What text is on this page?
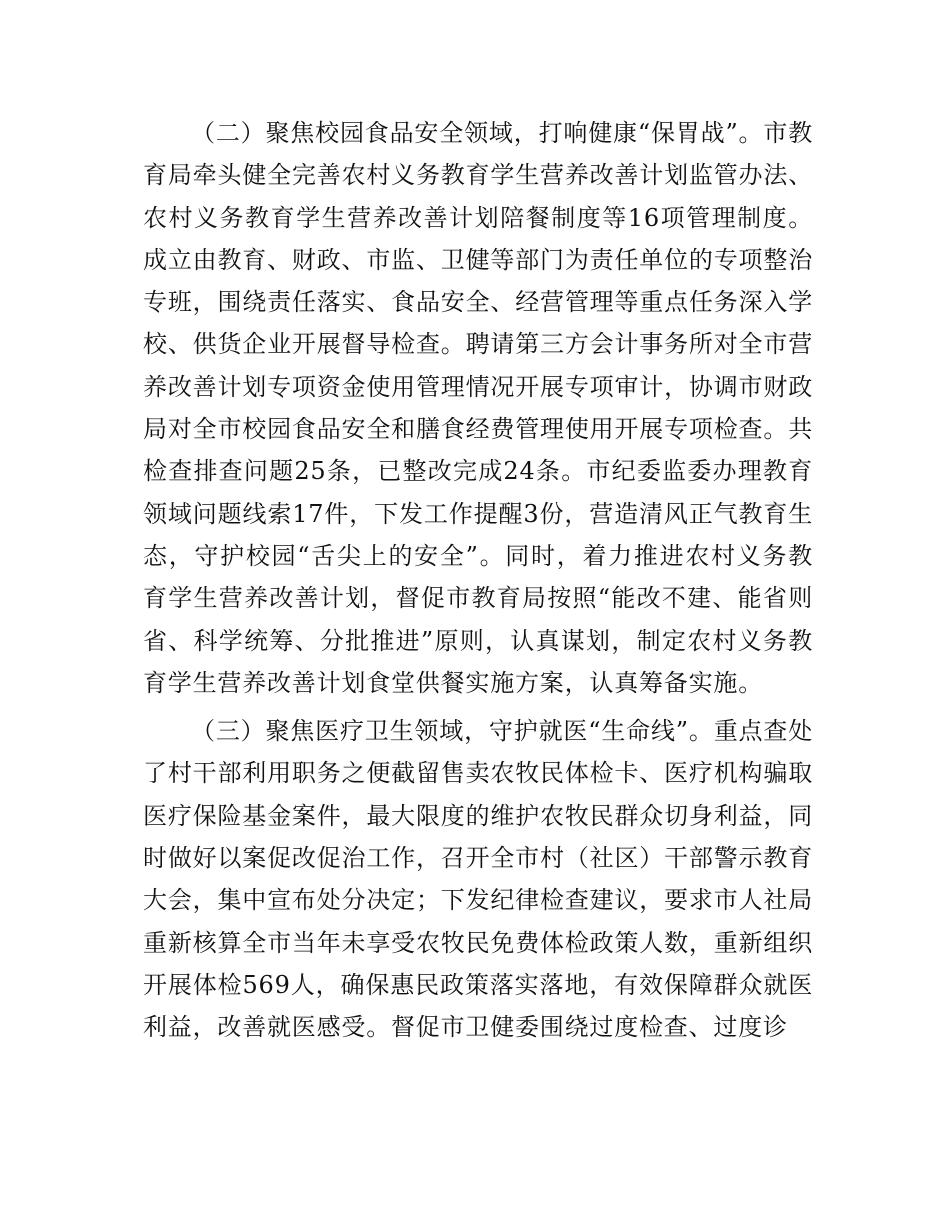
（二）聚焦校园食品安全领域，打响健康“保胃战”。市教育局牵头健全完善农村义务教育学生营养改善计划监管办法、农村义务教育学生营养改善计划陪餐制度等16项管理制度。成立由教育、财政、市监、卫健等部门为责任单位的专项整治专班，围绕责任落实、食品安全、经营管理等重点任务深入学校、供货企业开展督导检查。聘请第三方会计事务所对全市营养改善计划专项资金使用管理情况开展专项审计，协调市财政局对全市校园食品安全和膳食经费管理使用开展专项检查。共检查排查问题25条，已整改完成24条。市纪委监委办理教育领域问题线索17件，下发工作提醒3份，营造清风正气教育生态，守护校园“舌尖上的安全”。同时，着力推进农村义务教育学生营养改善计划，督促市教育局按照“能改不建、能省则省、科学统筹、分批推进”原则，认真谋划，制定农村义务教育学生营养改善计划食堂供餐实施方案，认真筹备实施。

（三）聚焦医疗卫生领域，守护就医“生命线”。重点查处了村干部利用职务之便截留售卖农牧民体检卡、医疗机构骗取医疗保险基金案件，最大限度的维护农牧民群众切身利益，同时做好以案促改促治工作，召开全市村（社区）干部警示教育大会，集中宣布处分决定；下发纪律检查建议，要求市人社局重新核算全市当年未享受农牧民免费体检政策人数，重新组织开展体检569人，确保惠民政策落实落地，有效保障群众就医利益，改善就医感受。督促市卫健委围绕过度检查、过度诊
